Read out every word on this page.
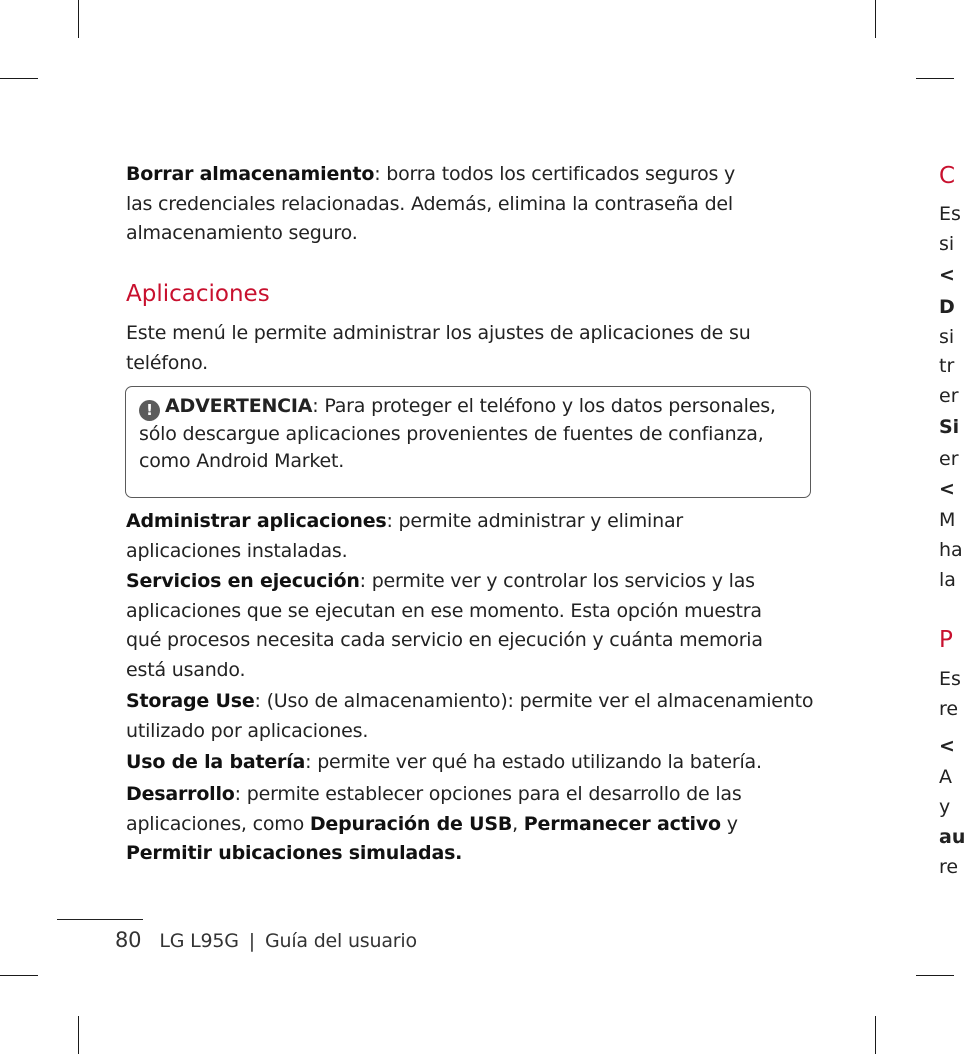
Borrar almacenamiento: borra todos los certificados seguros y las credenciales relacionadas. Además, elimina la contraseña del almacenamiento seguro.

Aplicaciones

Este menú le permite administrar los ajustes de aplicaciones de su teléfono.

! ADVERTENCIA: Para proteger el teléfono y los datos personales, sólo descargue aplicaciones provenientes de fuentes de confianza, como Android Market.

Administrar aplicaciones: permite administrar y eliminar aplicaciones instaladas.

Servicios en ejecución: permite ver y controlar los servicios y las aplicaciones que se ejecutan en ese momento. Esta opción muestra qué procesos necesita cada servicio en ejecución y cuánta memoria está usando.

Storage Use: (Uso de almacenamiento): permite ver el almacenamiento utilizado por aplicaciones.

Uso de la batería: permite ver qué ha estado utilizando la batería.

Desarrollo: permite establecer opciones para el desarrollo de las aplicaciones, como Depuración de USB, Permanecer activo y Permitir ubicaciones simuladas.

80 LG L95G | Guía del usuario
C
Es
si
<
D
si
tr
er
Si
er
<
M
ha
la
P
Es
re
<
A
y
au
re
